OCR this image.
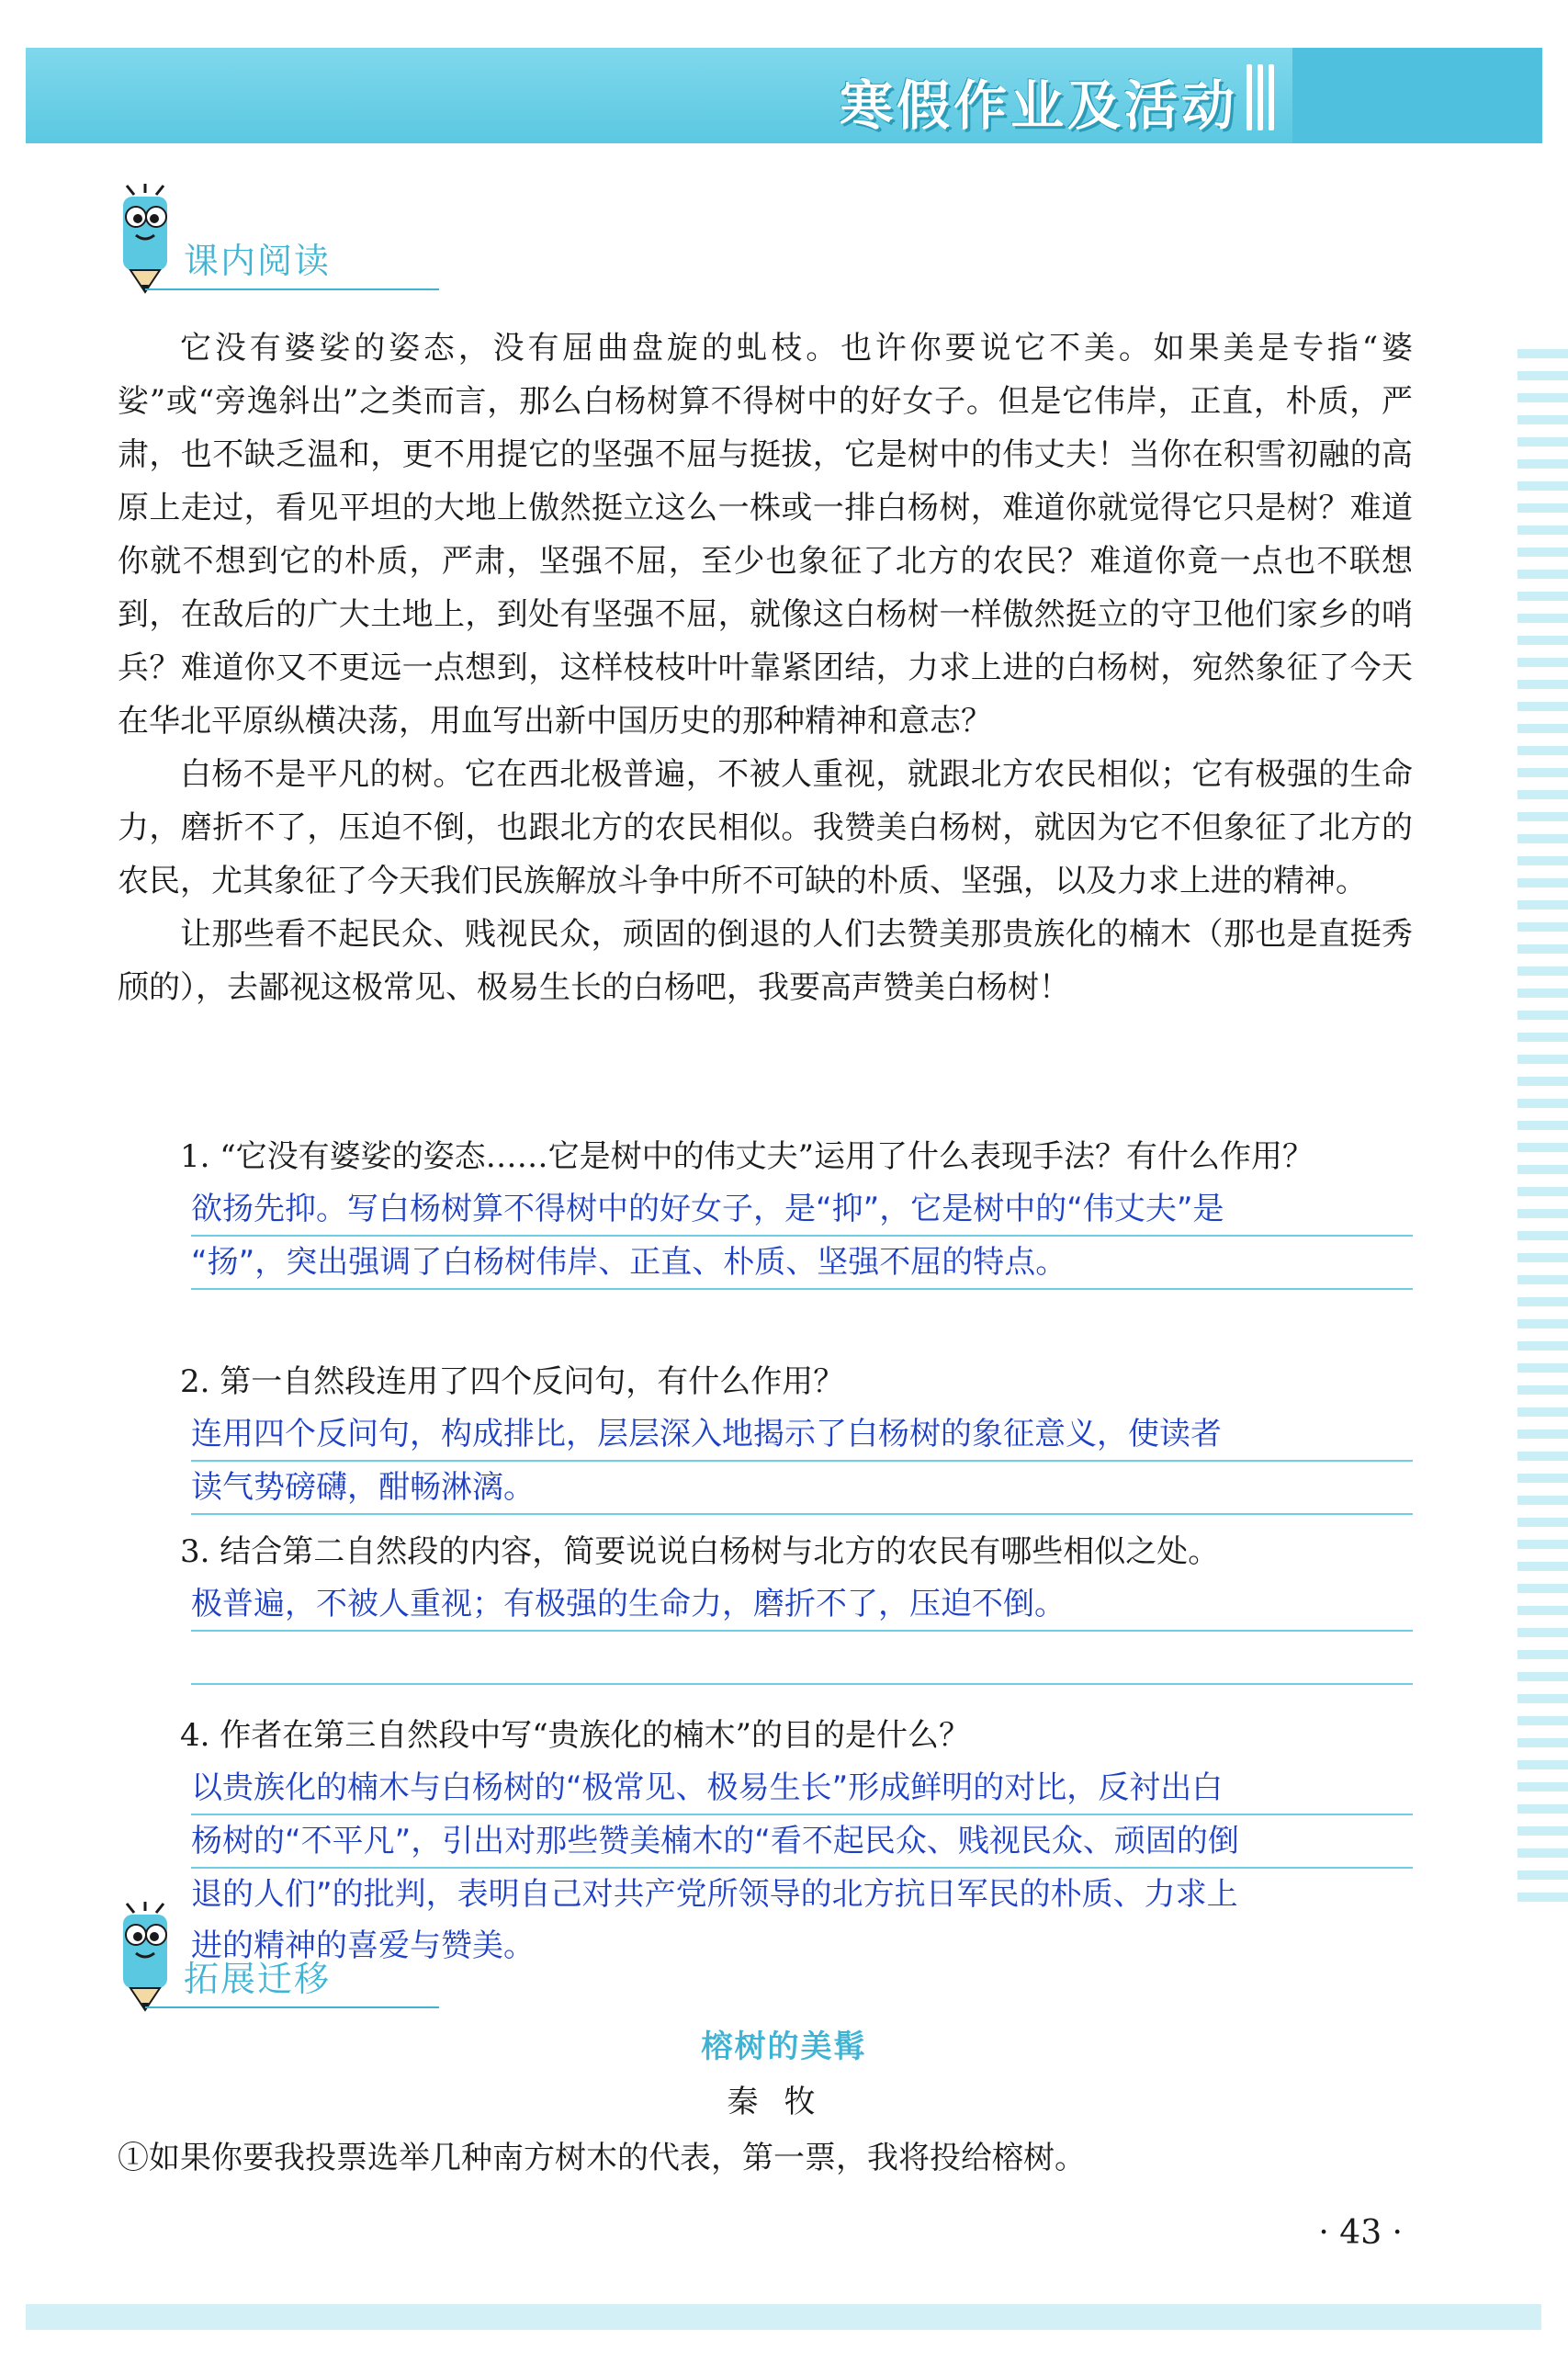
寒假作业及活动
课内阅读

它没有婆娑的姿态，没有屈曲盘旋的虬枝。也许你要说它不美。如果美是专指“婆娑”或“旁逸斜出”之类而言，那么白杨树算不得树中的好女子。但是它伟岸，正直，朴质，严肃，也不缺乏温和，更不用提它的坚强不屈与挺拔，它是树中的伟丈夫！当你在积雪初融的高原上走过，看见平坦的大地上傲然挺立这么一株或一排白杨树，难道你就觉得它只是树？难道你就不想到它的朴质，严肃，坚强不屈，至少也象征了北方的农民？难道你竟一点也不联想到，在敌后的广大土地上，到处有坚强不屈，就像这白杨树一样傲然挺立的守卫他们家乡的哨兵？难道你又不更远一点想到，这样枝枝叶叶靠紧团结，力求上进的白杨树，宛然象征了今天在华北平原纵横决荡，用血写出新中国历史的那种精神和意志？

白杨不是平凡的树。它在西北极普遍，不被人重视，就跟北方农民相似；它有极强的生命力，磨折不了，压迫不倒，也跟北方的农民相似。我赞美白杨树，就因为它不但象征了北方的农民，尤其象征了今天我们民族解放斗争中所不可缺的朴质、坚强，以及力求上进的精神。

让那些看不起民众、贱视民众，顽固的倒退的人们去赞美那贵族化的楠木（那也是直挺秀颀的），去鄙视这极常见、极易生长的白杨吧，我要高声赞美白杨树！

1. “它没有婆娑的姿态……它是树中的伟丈夫”运用了什么表现手法？有什么作用？

欲扬先抑。写白杨树算不得树中的好女子，是“抑”，它是树中的“伟丈夫”是
“扬”，突出强调了白杨树伟岸、正直、朴质、坚强不屈的特点。

2. 第一自然段连用了四个反问句，有什么作用？

连用四个反问句，构成排比，层层深入地揭示了白杨树的象征意义，使读者
读气势磅礴，酣畅淋漓。

3. 结合第二自然段的内容，简要说说白杨树与北方的农民有哪些相似之处。

极普遍，不被人重视；有极强的生命力，磨折不了，压迫不倒。

4. 作者在第三自然段中写“贵族化的楠木”的目的是什么？

以贵族化的楠木与白杨树的“极常见、极易生长”形成鲜明的对比，反衬出白
杨树的“不平凡”，引出对那些赞美楠木的“看不起民众、贱视民众、顽固的倒
退的人们”的批判，表明自己对共产党所领导的北方抗日军民的朴质、力求上
进的精神的喜爱与赞美。
拓展迁移
榕树的美髯
秦牧
①如果你要我投票选举几种南方树木的代表，第一票，我将投给榕树。
· 43 ·
